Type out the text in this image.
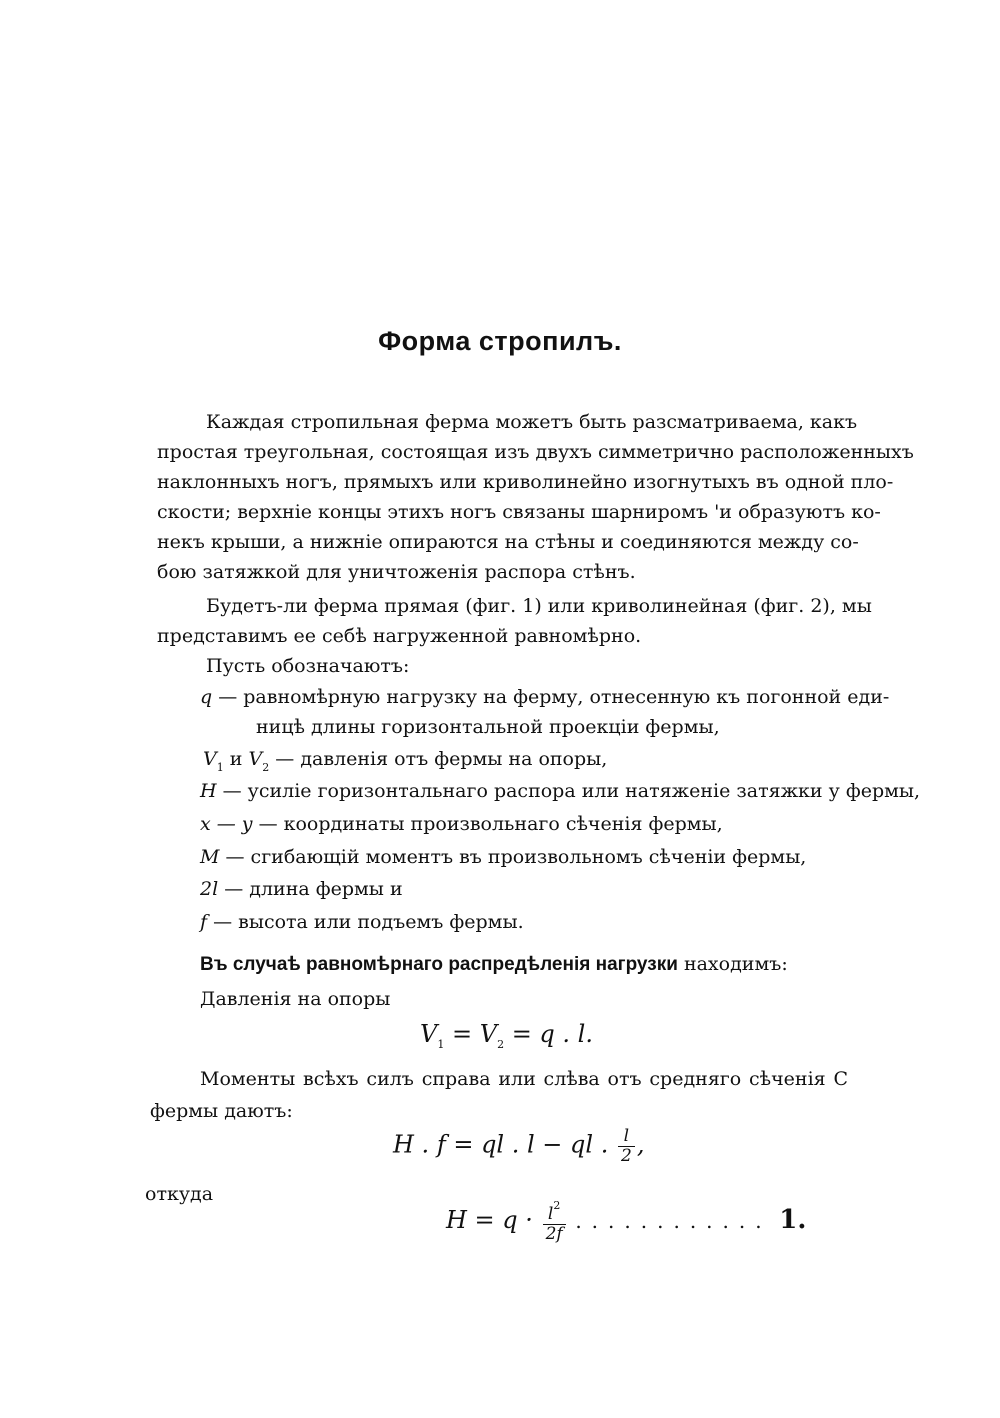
Форма стропилъ.
Каждая стропильная ферма можетъ быть разсматриваема, какъ
простая треугольная, состоящая изъ двухъ симметрично расположенныхъ
наклонныхъ ногъ, прямыхъ или криволинейно изогнутыхъ въ одной пло-
скости; верхніе концы этихъ ногъ связаны шарниромъ 'и образуютъ ко-
некъ крыши, а нижніе опираются на стѣны и соединяются между со-
бою затяжкой для уничтоженія распора стѣнъ.
Будетъ-ли ферма прямая (фиг. 1) или криволинейная (фиг. 2), мы
представимъ ее себѣ нагруженной равномѣрно.
Пусть обозначаютъ:
q — равномѣрную нагрузку на ферму, отнесенную къ погонной еди-
ницѣ длины горизонтальной проекціи фермы,
$V_1$ и $V_2$ — давленія отъ фермы на опоры,
H — усиліе горизонтальнаго распора или натяженіе затяжки у фермы,
x — y — координаты произвольнаго сѣченія фермы,
M — сгибающій моментъ въ произвольномъ сѣченіи фермы,
2l — длина фермы и
f — высота или подъемъ фермы.
Въ случаѣ равномѣрнаго распредѣленія нагрузки находимъ:
Давленія на опоры
$V_1 = V_2 = q$ . l.
Моменты всѣхъ силъ справа или слѣва отъ средняго сѣченія C
фермы даютъ:
H . f = ql . l − ql . $\frac{l}{2}$ ,
откуда
$H = q \cdot \frac{l^2}{2f}$ ............ 1.
